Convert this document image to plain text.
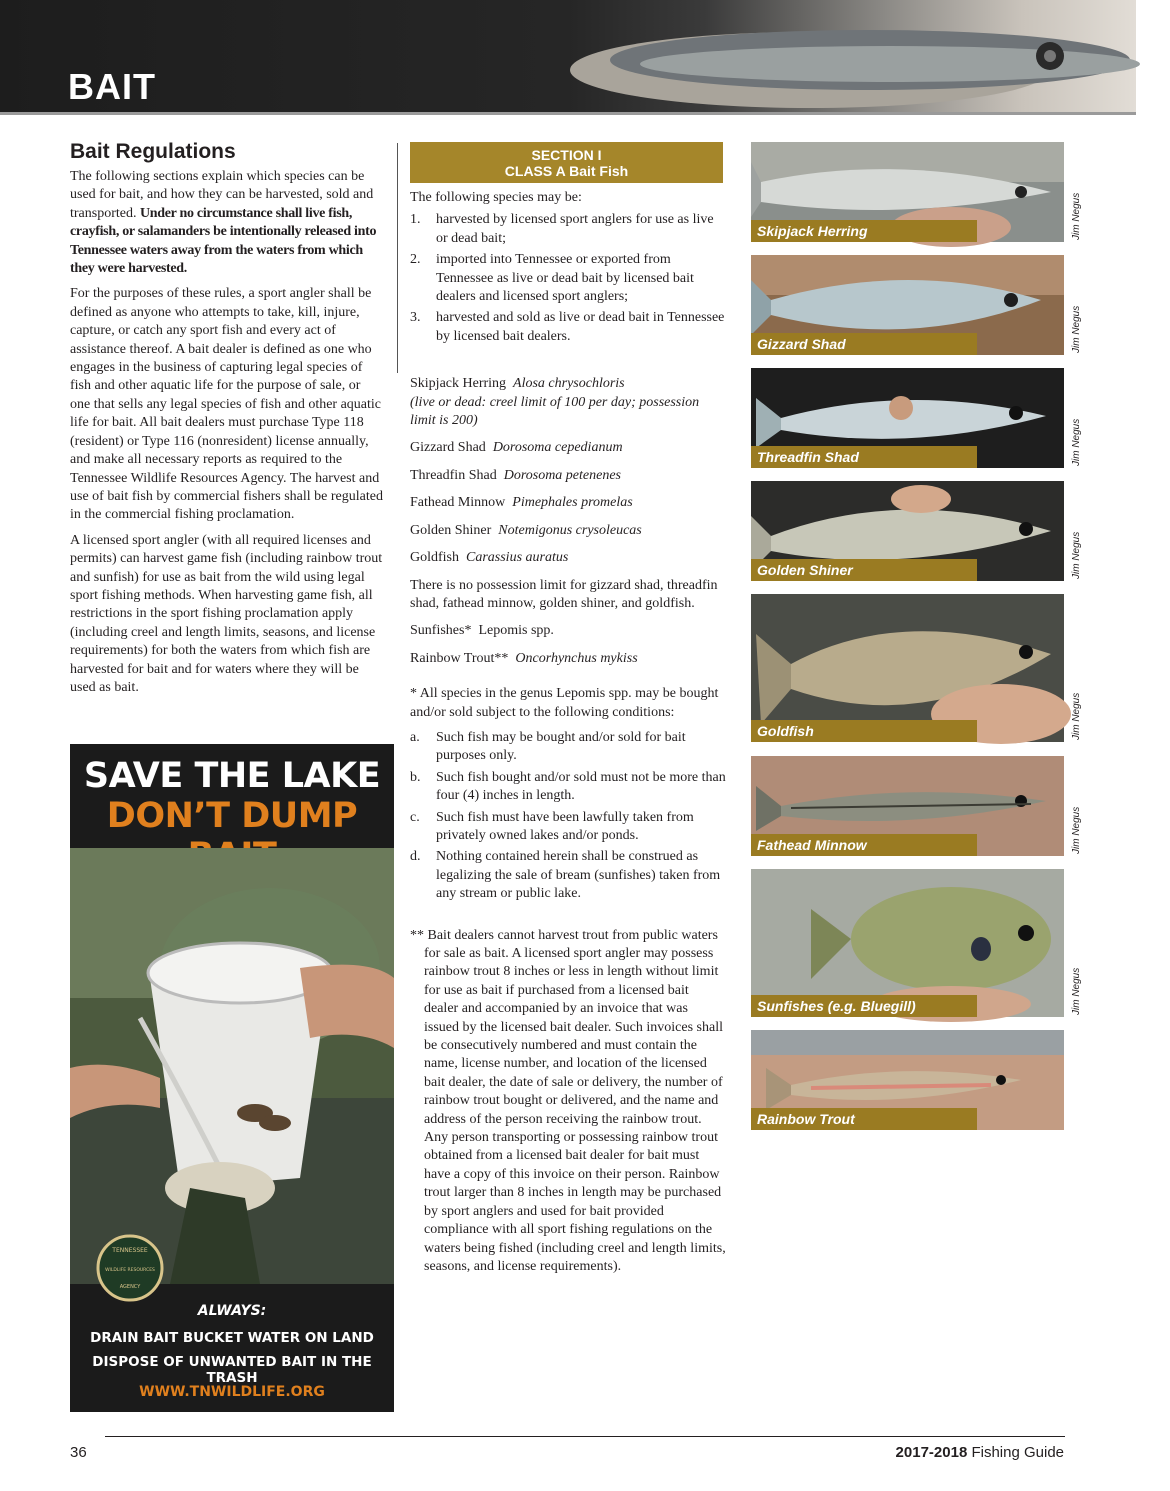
BAIT
Bait Regulations

The following sections explain which species can be used for bait, and how they can be harvested, sold and transported. Under no circumstance shall live fish, crayfish, or salamanders be intentionally released into Tennessee waters away from the waters from which they were harvested.

For the purposes of these rules, a sport angler shall be defined as anyone who attempts to take, kill, injure, capture, or catch any sport fish and every act of assistance thereof. A bait dealer is defined as one who engages in the business of capturing legal species of fish and other aquatic life for the purpose of sale, or one that sells any legal species of fish and other aquatic life for bait. All bait dealers must purchase Type 118 (resident) or Type 116 (nonresident) license annually, and make all necessary reports as required to the Tennessee Wildlife Resources Agency. The harvest and use of bait fish by commercial fishers shall be regulated in the commercial fishing proclamation.

A licensed sport angler (with all required licenses and permits) can harvest game fish (including rainbow trout and sunfish) for use as bait from the wild using legal sport fishing methods. When harvesting game fish, all restrictions in the sport fishing proclamation apply (including creel and length limits, seasons, and license requirements) for both the waters from which fish are harvested for bait and for waters where they will be used as bait.

SAVE THE LAKE
DON’T DUMP
TENNESSEE
WILDLIFE RESOURCES
AGENCY
ALWAYS:
DRAIN BAIT BUCKET WATER ON LAND
DISPOSE OF UNWANTED BAIT IN THE TRASH
WWW.TNWILDLIFE.ORG
SECTION I
CLASS A Bait Fish

The following species may be:

1. harvested by licensed sport anglers for use as live or dead bait;
2. imported into Tennessee or exported from Tennessee as live or dead bait by licensed bait dealers and licensed sport anglers;
3. harvested and sold as live or dead bait in Tennessee by licensed bait dealers.

Skipjack Herring Alosa chrysochloris

(live or dead: creel limit of 100 per day; possession limit is 200)

Gizzard Shad Dorosoma cepedianum

Threadfin Shad Dorosoma petenenes

Fathead Minnow Pimephales promelas

Golden Shiner Notemigonus crysoleucas

Goldfish Carassius auratus

There is no possession limit for gizzard shad, threadfin shad, fathead minnow, golden shiner, and goldfish.

Sunfishes* Lepomis spp.

Rainbow Trout** Oncorhynchus mykiss

* All species in the genus Lepomis spp. may be bought and/or sold subject to the following conditions:

a. Such fish may be bought and/or sold for bait purposes only.
b. Such fish bought and/or sold must not be more than four (4) inches in length.
c. Such fish must have been lawfully taken from privately owned lakes and/or ponds.
d. Nothing contained herein shall be construed as legalizing the sale of bream (sunfishes) taken from any stream or public lake.

** Bait dealers cannot harvest trout from public waters for sale as bait. A licensed sport angler may possess rainbow trout 8 inches or less in length without limit for use as bait if purchased from a licensed bait dealer and accompanied by an invoice that was issued by the licensed bait dealer. Such invoices shall be consecutively numbered and must contain the name, license number, and location of the licensed bait dealer, the date of sale or delivery, the number of rainbow trout bought or delivered, and the name and address of the person receiving the rainbow trout. Any person transporting or possessing rainbow trout obtained from a licensed bait dealer for bait must have a copy of this invoice on their person. Rainbow trout larger than 8 inches in length may be purchased by sport anglers and used for bait provided compliance with all sport fishing regulations on the waters being fished (including creel and length limits, seasons, and license requirements).

Skipjack Herring	Jim Negus
Gizzard Shad	Jim Negus
Threadfin Shad	Jim Negus
Golden Shiner	Jim Negus
Goldfish	Jim Negus
Fathead Minnow	Jim Negus
Sunfishes (e.g. Bluegill)	Jim Negus
Rainbow Trout
36	2017-2018 Fishing Guide
